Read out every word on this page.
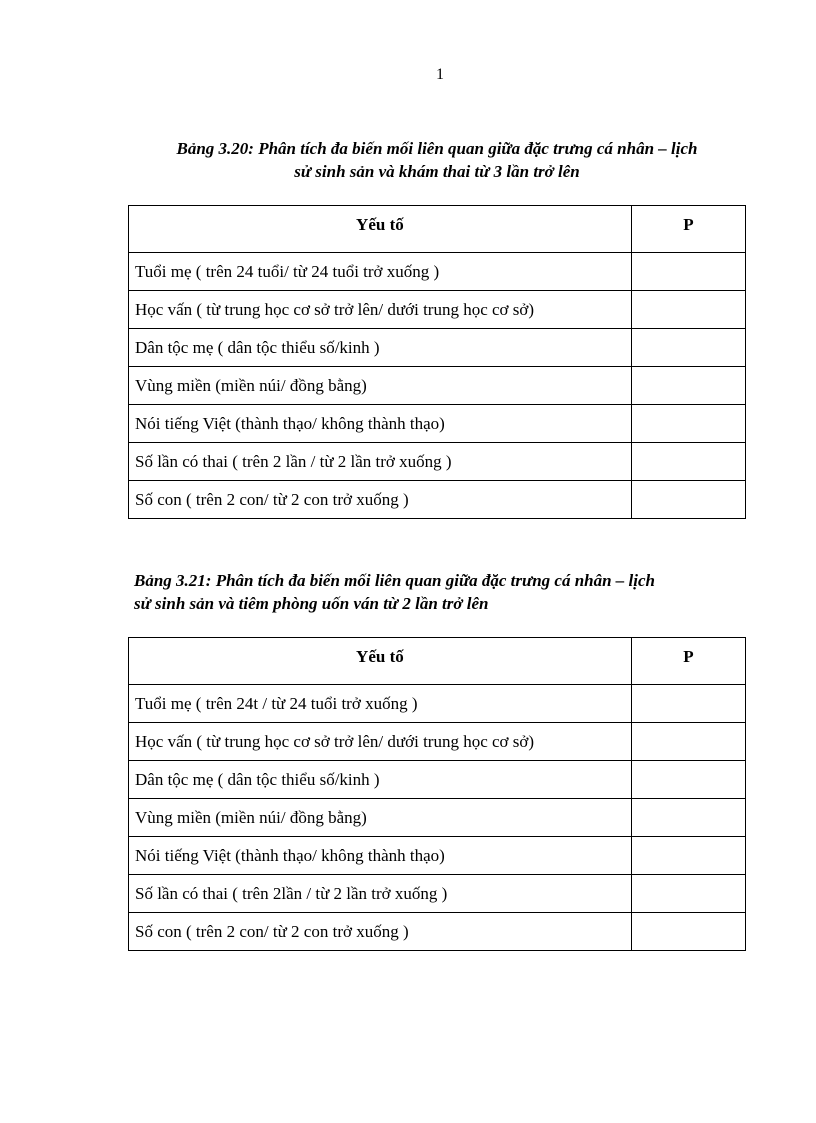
1
Bảng 3.20: Phân tích đa biến mối liên quan giữa đặc trưng cá nhân – lịch
sử sinh sản và khám thai từ 3 lần trở lên
Yếu tố	P
Tuổi mẹ ( trên 24 tuổi/ từ 24 tuổi trở xuống )	
Học vấn ( từ trung học cơ sở trở lên/ dưới trung học cơ sở)	
Dân tộc mẹ ( dân tộc thiểu số/kinh )	
Vùng miền (miền núi/ đồng bằng)	
Nói tiếng Việt (thành thạo/ không thành thạo)	
Số lần có thai ( trên 2 lần / từ 2 lần trở xuống )	
Số con ( trên 2 con/ từ 2 con trở xuống )	
Bảng 3.21: Phân tích đa biến mối liên quan giữa đặc trưng cá nhân – lịch
sử sinh sản và tiêm phòng uốn ván từ 2 lần trở lên
Yếu tố	P
Tuổi mẹ ( trên 24t / từ 24 tuổi trở xuống )	
Học vấn ( từ trung học cơ sở trở lên/ dưới trung học cơ sở)	
Dân tộc mẹ ( dân tộc thiểu số/kinh )	
Vùng miền (miền núi/ đồng bằng)	
Nói tiếng Việt (thành thạo/ không thành thạo)	
Số lần có thai ( trên 2lần / từ 2 lần trở xuống )	
Số con ( trên 2 con/ từ 2 con trở xuống )	
